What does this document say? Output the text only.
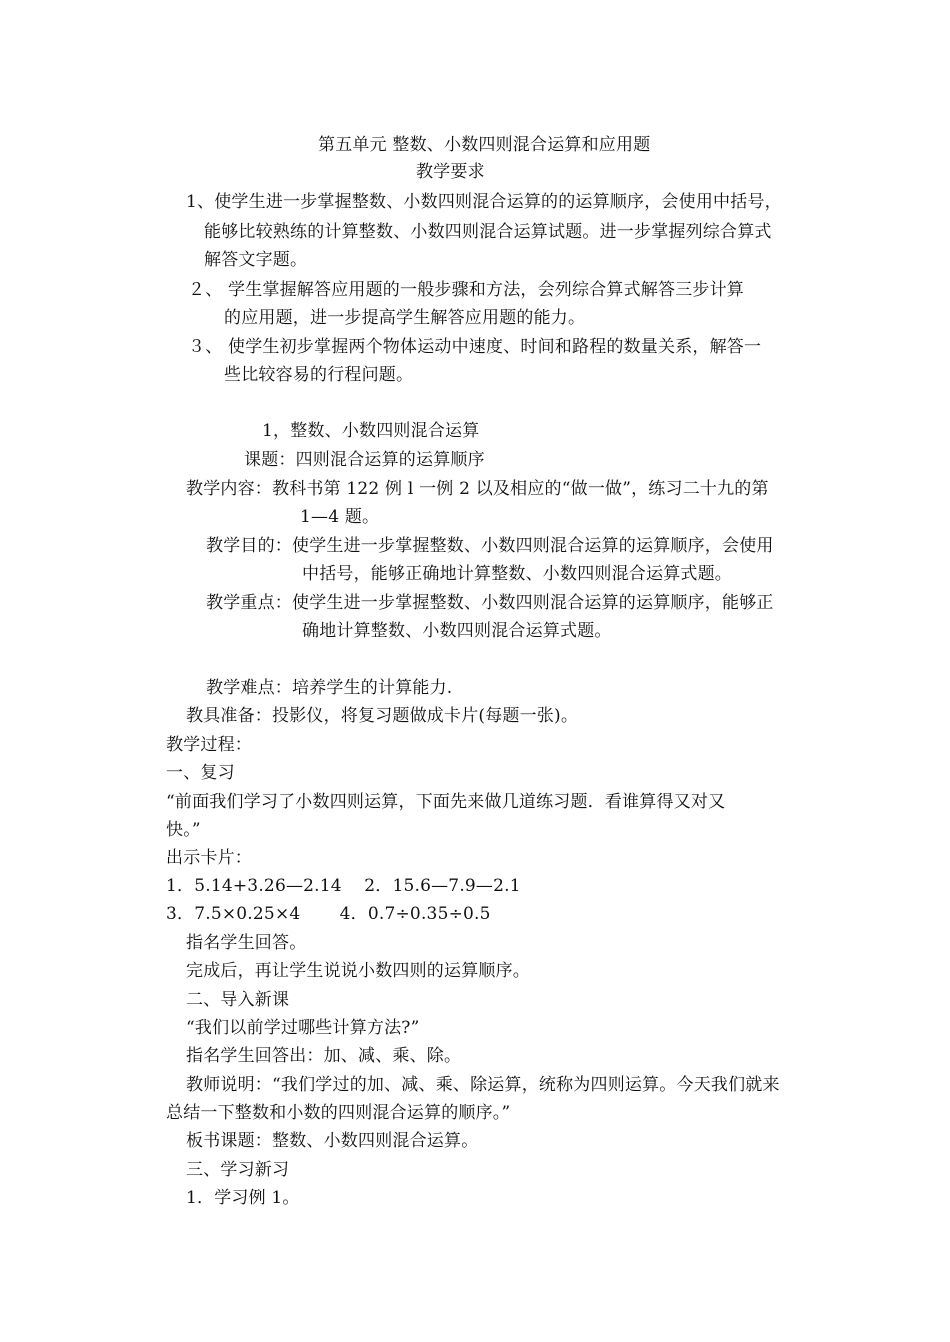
第五单元 整数、小数四则混合运算和应用题
教学要求
1、使学生进一步掌握整数、小数四则混合运算的的运算顺序，会使用中括号，
能够比较熟练的计算整数、小数四则混合运算试题。进一步掌握列综合算式
解答文字题。
２、 学生掌握解答应用题的一般步骤和方法，会列综合算式解答三步计算
的应用题，进一步提高学生解答应用题的能力。
３、 使学生初步掌握两个物体运动中速度、时间和路程的数量关系，解答一
些比较容易的行程问题。
1，整数、小数四则混合运算
课题：四则混合运算的运算顺序
教学内容：教科书第 122 例 l 一例 2 以及相应的“做一做”，练习二十九的第
1—4 题。
教学目的：使学生进一步掌握整数、小数四则混合运算的运算顺序，会使用
中括号，能够正确地计算整数、小数四则混合运算式题。
教学重点：使学生进一步掌握整数、小数四则混合运算的运算顺序，能够正
确地计算整数、小数四则混合运算式题。
教学难点：培养学生的计算能力.
教具准备：投影仪，将复习题做成卡片(每题一张)。
教学过程：
一、复习
“前面我们学习了小数四则运算，下面先来做几道练习题．看谁算得又对又
快。”
出示卡片：
1．5.14+3.26—2.14    2．15.6—7.9—2.1
3．7.5×0.25×4       4．0.7÷0.35÷0.5
指名学生回答。
完成后，再让学生说说小数四则的运算顺序。
二、导入新课
“我们以前学过哪些计算方法?”
指名学生回答出：加、减、乘、除。
教师说明：“我们学过的加、减、乘、除运算，统称为四则运算。今天我们就来
总结一下整数和小数的四则混合运算的顺序。”
板书课题：整数、小数四则混合运算。
三、学习新习
1．学习例 1。
